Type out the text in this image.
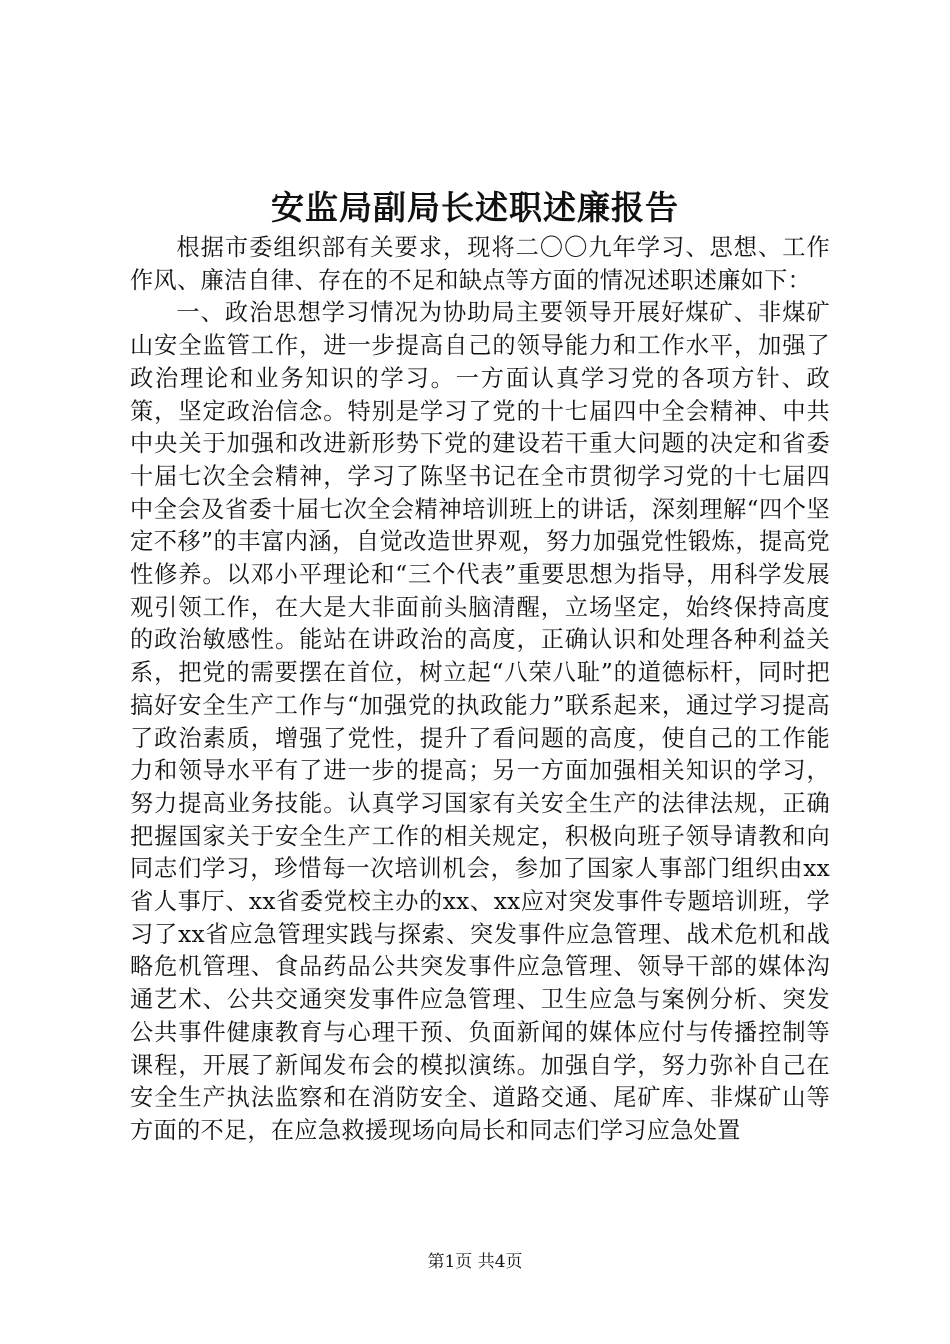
安监局副局长述职述廉报告

根据市委组织部有关要求，现将二〇〇九年学习、思想、工作作风、廉洁自律、存在的不足和缺点等方面的情况述职述廉如下：

一、政治思想学习情况为协助局主要领导开展好煤矿、非煤矿山安全监管工作，进一步提高自己的领导能力和工作水平，加强了政治理论和业务知识的学习。一方面认真学习党的各项方针、政策，坚定政治信念。特别是学习了党的十七届四中全会精神、中共中央关于加强和改进新形势下党的建设若干重大问题的决定和省委十届七次全会精神，学习了陈坚书记在全市贯彻学习党的十七届四中全会及省委十届七次全会精神培训班上的讲话，深刻理解“四个坚定不移”的丰富内涵，自觉改造世界观，努力加强党性锻炼，提高党性修养。以邓小平理论和“三个代表”重要思想为指导，用科学发展观引领工作，在大是大非面前头脑清醒，立场坚定，始终保持高度的政治敏感性。能站在讲政治的高度，正确认识和处理各种利益关系，把党的需要摆在首位，树立起“八荣八耻”的道德标杆，同时把搞好安全生产工作与“加强党的执政能力”联系起来，通过学习提高了政治素质，增强了党性，提升了看问题的高度，使自己的工作能力和领导水平有了进一步的提高；另一方面加强相关知识的学习，努力提高业务技能。认真学习国家有关安全生产的法律法规，正确把握国家关于安全生产工作的相关规定，积极向班子领导请教和向同志们学习，珍惜每一次培训机会，参加了国家人事部门组织由xx省人事厅、xx省委党校主办的xx、xx应对突发事件专题培训班，学习了xx省应急管理实践与探索、突发事件应急管理、战术危机和战略危机管理、食品药品公共突发事件应急管理、领导干部的媒体沟通艺术、公共交通突发事件应急管理、卫生应急与案例分析、突发公共事件健康教育与心理干预、负面新闻的媒体应付与传播控制等课程，开展了新闻发布会的模拟演练。加强自学，努力弥补自己在安全生产执法监察和在消防安全、道路交通、尾矿库、非煤矿山等方面的不足，在应急救援现场向局长和同志们学习应急处置

第1页 共4页
